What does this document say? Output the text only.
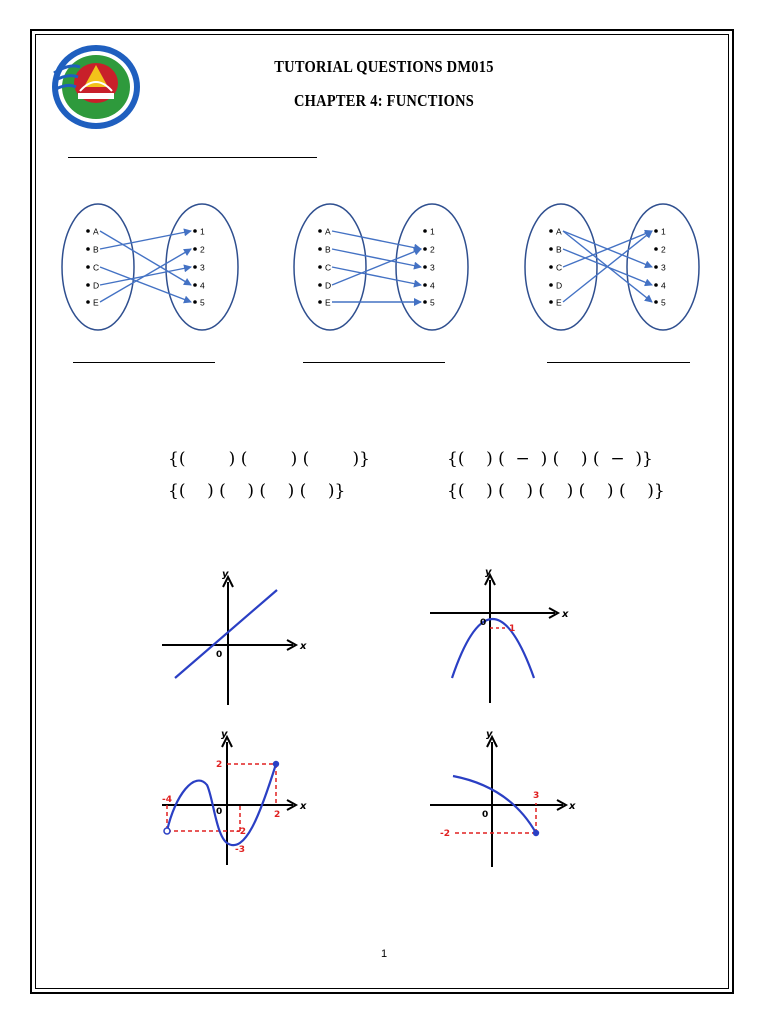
TUTORIAL QUESTIONS DM015
CHAPTER 4: FUNCTIONS
A
B
C
D
E
1
2
3
4
5
A
B
C
D
E
1
2
3
4
5
A
B
C
D
E
1
2
3
4
5
{(        ) (        ) (        )}
{(    ) (    ) (    ) (    )}
{(    ) (  −  ) (    ) (  −  )}
{(    ) (    ) (    ) (    ) (    )}
x
y
0
x
y
0
1
x
y
0
2
-4
2
-2
-3
x
y
0
3
-2
1
